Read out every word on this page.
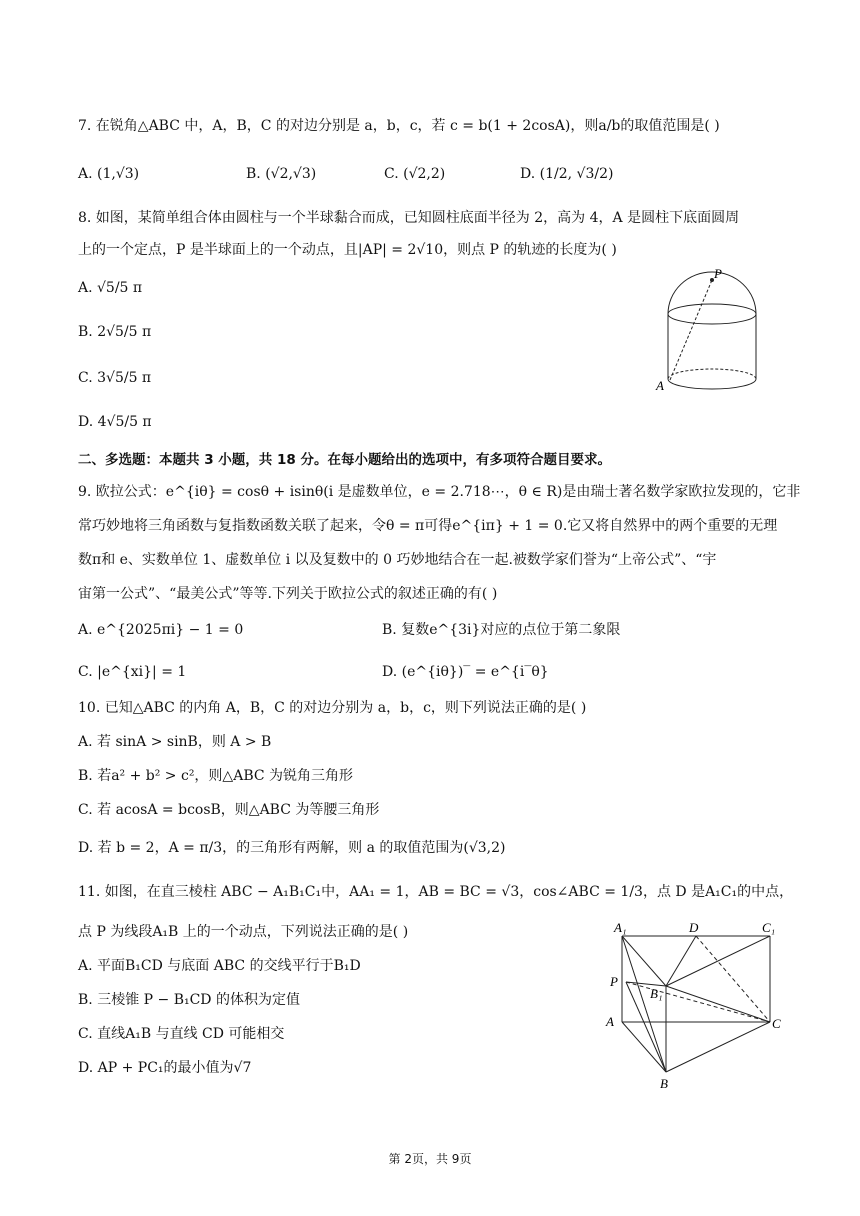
7. 在锐角△ABC 中，A，B，C 的对边分别是 a，b，c，若 c = b(1 + 2cosA)，则a/b的取值范围是( )
A. (1,√3)	B. (√2,√3)	C. (√2,2)	D. (1/2, √3/2)
8. 如图，某简单组合体由圆柱与一个半球黏合而成，已知圆柱底面半径为 2，高为 4，A 是圆柱下底面圆周
上的一个定点，P 是半球面上的一个动点，且|AP| = 2√10，则点 P 的轨迹的长度为( )
A. √5/5 π
B. 2√5/5 π
C. 3√5/5 π
D. 4√5/5 π
P
A
二、多选题：本题共 3 小题，共 18 分。在每小题给出的选项中，有多项符合题目要求。
9. 欧拉公式：e^{iθ} = cosθ + isinθ(i 是虚数单位，e = 2.718⋯，θ ∈ R)是由瑞士著名数学家欧拉发现的，它非
常巧妙地将三角函数与复指数函数关联了起来，令θ = π可得e^{iπ} + 1 = 0.它又将自然界中的两个重要的无理
数π和 e、实数单位 1、虚数单位 i 以及复数中的 0 巧妙地结合在一起.被数学家们誉为“上帝公式”、“宇
宙第一公式”、“最美公式”等等.下列关于欧拉公式的叙述正确的有( )
A. e^{2025πi} − 1 = 0	B. 复数e^{3i}对应的点位于第二象限
C. |e^{xi}| = 1	D. (e^{iθ})‾ = e^{i‾θ}
10. 已知△ABC 的内角 A，B，C 的对边分别为 a，b，c，则下列说法正确的是( )
A. 若 sinA > sinB，则 A > B
B. 若a² + b² > c²，则△ABC 为锐角三角形
C. 若 acosA = bcosB，则△ABC 为等腰三角形
D. 若 b = 2，A = π/3，的三角形有两解，则 a 的取值范围为(√3,2)
11. 如图，在直三棱柱 ABC − A₁B₁C₁中，AA₁ = 1，AB = BC = √3，cos∠ABC = 1/3，点 D 是A₁C₁的中点，
点 P 为线段A₁B 上的一个动点，下列说法正确的是( )
A. 平面B₁CD 与底面 ABC 的交线平行于B₁D
B. 三棱锥 P − B₁CD 的体积为定值
C. 直线A₁B 与直线 CD 可能相交
D. AP + PC₁的最小值为√7
A₁	D	C₁
P
B₁
A	C
B
第 2页，共 9页
